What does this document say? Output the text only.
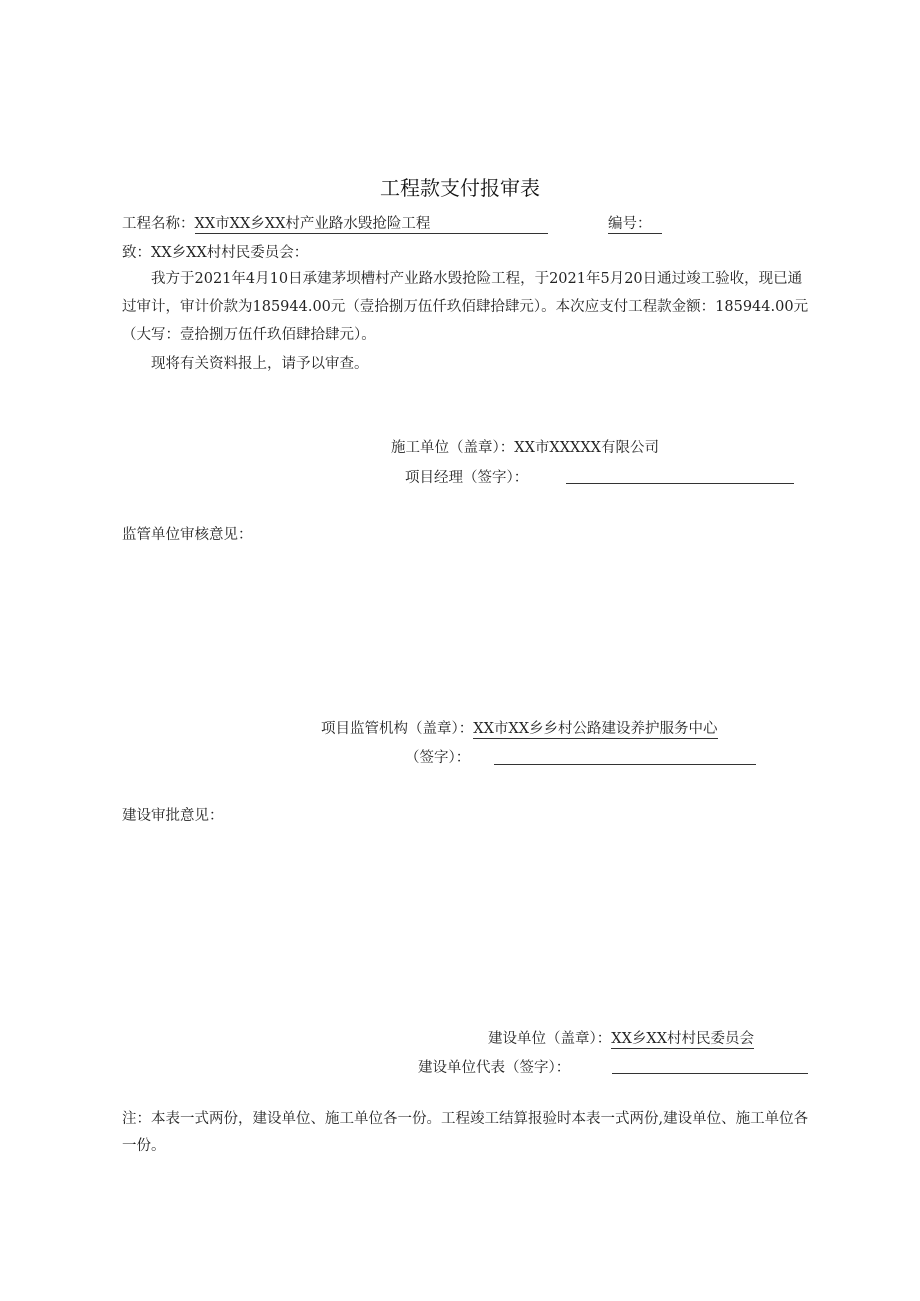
工程款支付报审表
工程名称：XX市XX乡XX村产业路水毁抢险工程	编号：
致：XX乡XX村村民委员会：
我方于2021年4月10日承建茅坝槽村产业路水毁抢险工程，于2021年5月20日通过竣工验收，现已通过审计，审计价款为185944.00元（壹拾捌万伍仟玖佰肆拾肆元）。本次应支付工程款金额：185944.00元（大写：壹拾捌万伍仟玖佰肆拾肆元）。
现将有关资料报上，请予以审查。
施工单位（盖章）：XX市XXXXX有限公司
项目经理（签字）：
监管单位审核意见：
项目监管机构（盖章）：XX市XX乡乡村公路建设养护服务中心
（签字）：
建设审批意见：
建设单位（盖章）：XX乡XX村村民委员会
建设单位代表（签字）：
注：本表一式两份，建设单位、施工单位各一份。工程竣工结算报验时本表一式两份,建设单位、施工单位各一份。
